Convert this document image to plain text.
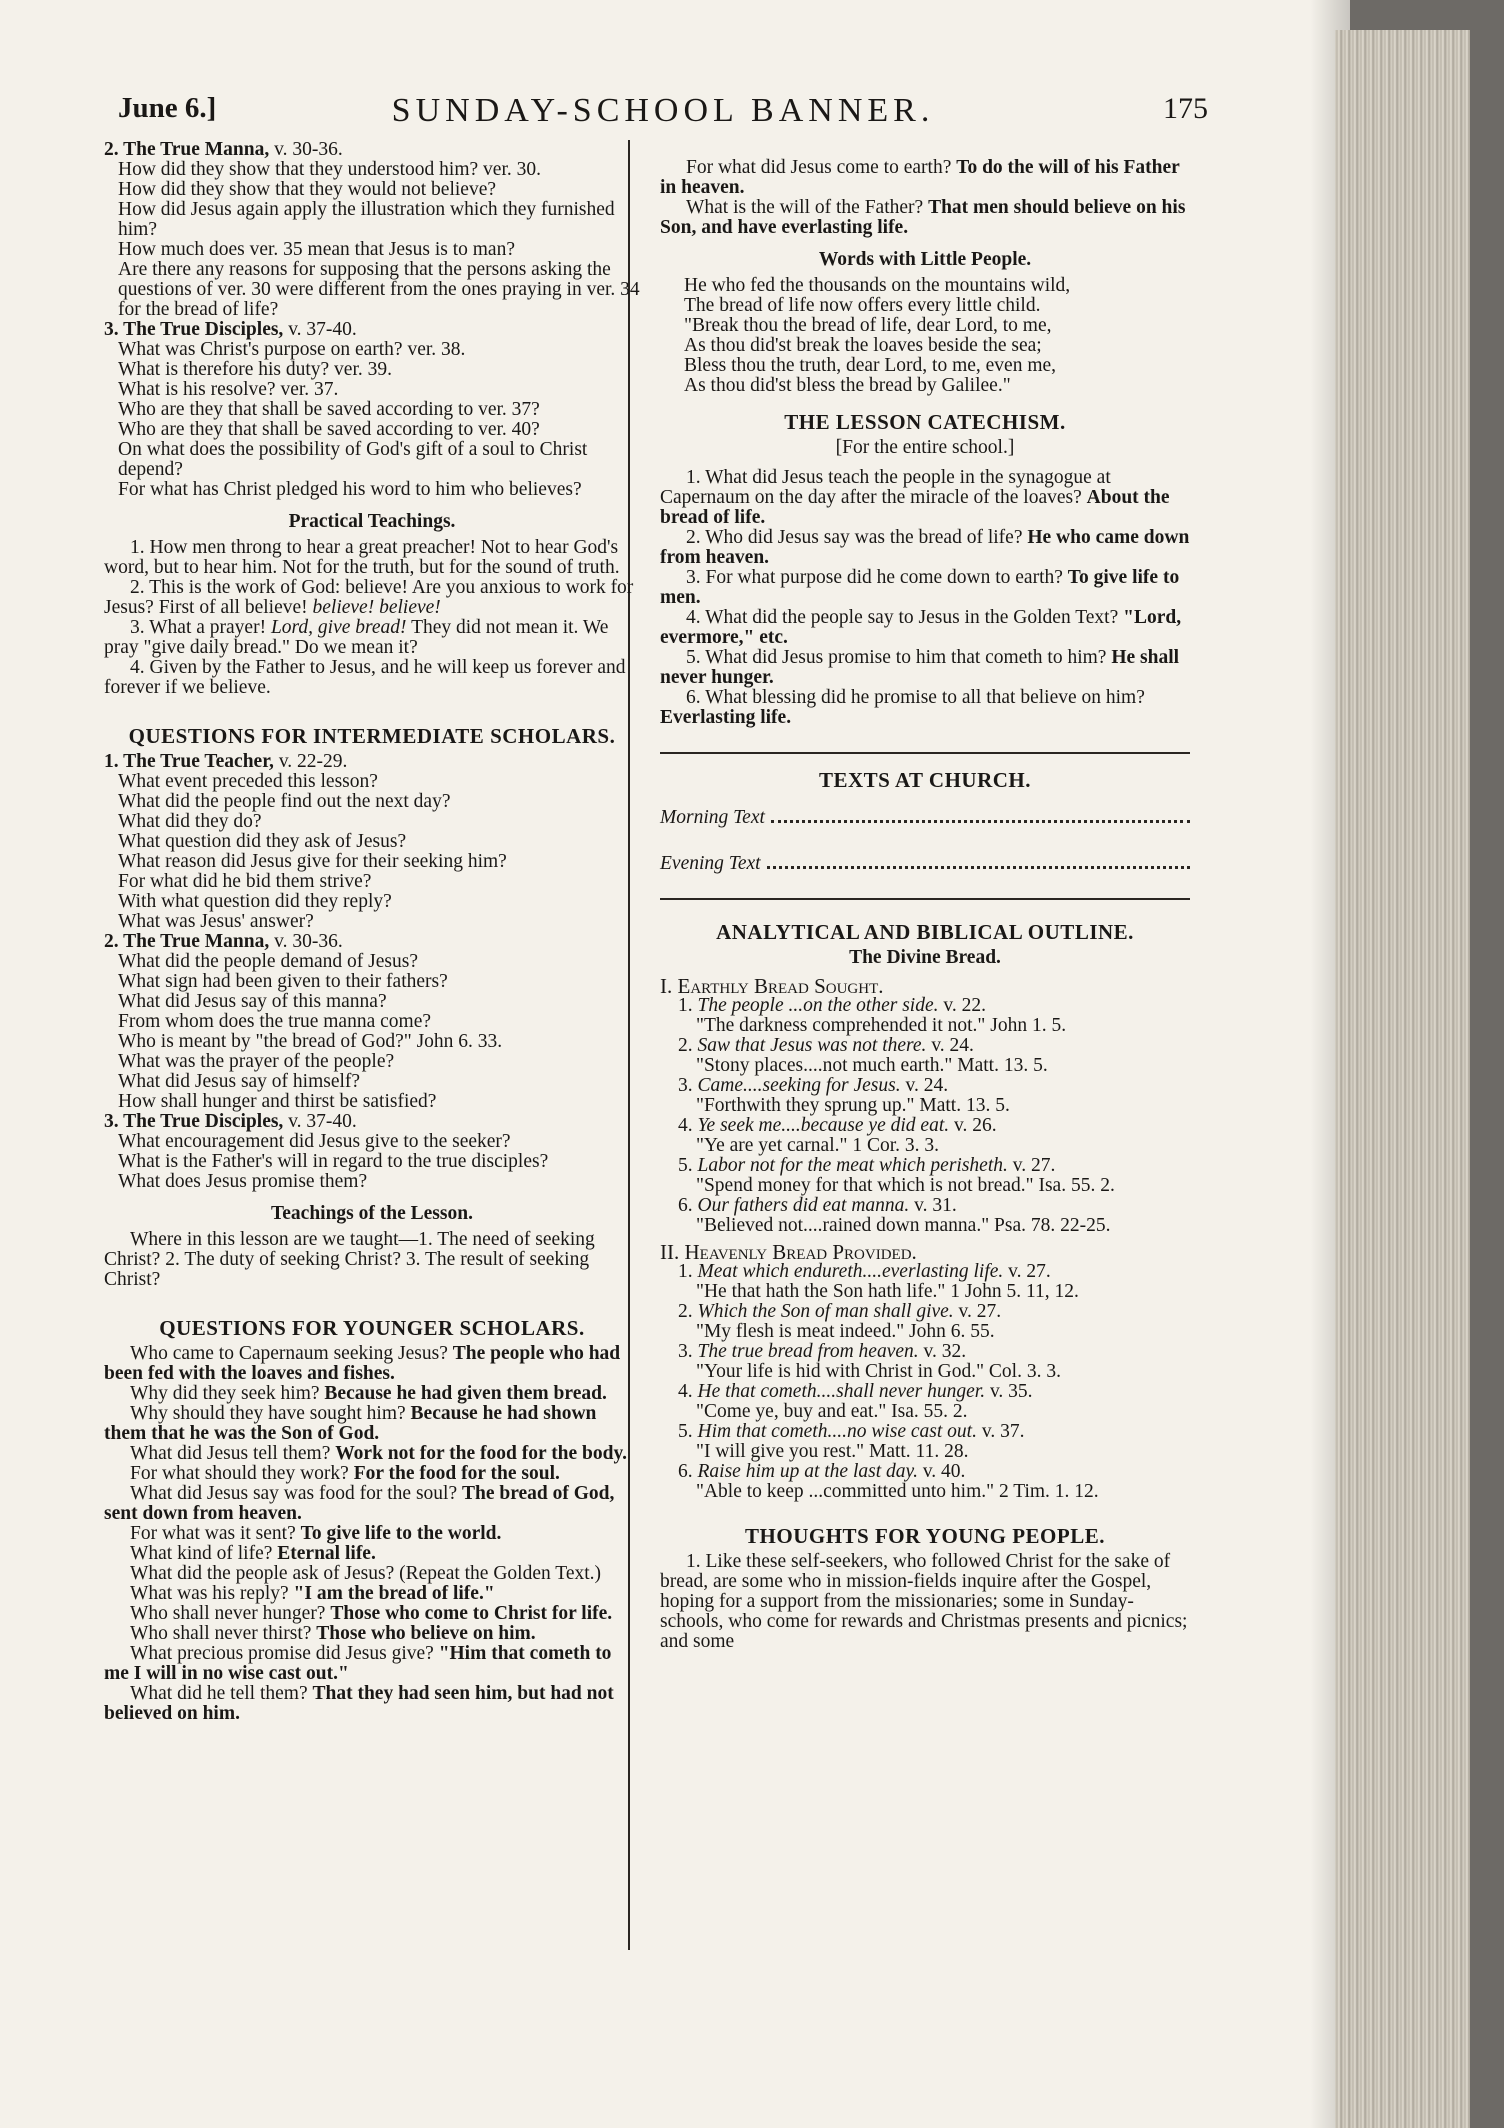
June 6.]	SUNDAY-SCHOOL BANNER.	175

2. The True Manna, v. 30-36.

How did they show that they understood him? ver. 30.

How did they show that they would not believe?

How did Jesus again apply the illustration which they furnished him?

How much does ver. 35 mean that Jesus is to man?

Are there any reasons for supposing that the persons asking the questions of ver. 30 were different from the ones praying in ver. 34 for the bread of life?

3. The True Disciples, v. 37-40.

What was Christ's purpose on earth? ver. 38.

What is therefore his duty? ver. 39.

What is his resolve? ver. 37.

Who are they that shall be saved according to ver. 37?

Who are they that shall be saved according to ver. 40?

On what does the possibility of God's gift of a soul to Christ depend?

For what has Christ pledged his word to him who believes?

Practical Teachings.

1. How men throng to hear a great preacher! Not to hear God's word, but to hear him. Not for the truth, but for the sound of truth.

2. This is the work of God: believe! Are you anxious to work for Jesus? First of all believe! believe! believe!

3. What a prayer! Lord, give bread! They did not mean it. We pray "give daily bread." Do we mean it?

4. Given by the Father to Jesus, and he will keep us forever and forever if we believe.

QUESTIONS FOR INTERMEDIATE SCHOLARS.

1. The True Teacher, v. 22-29.

What event preceded this lesson?

What did the people find out the next day?

What did they do?

What question did they ask of Jesus?

What reason did Jesus give for their seeking him?

For what did he bid them strive?

With what question did they reply?

What was Jesus' answer?

2. The True Manna, v. 30-36.

What did the people demand of Jesus?

What sign had been given to their fathers?

What did Jesus say of this manna?

From whom does the true manna come?

Who is meant by "the bread of God?" John 6. 33.

What was the prayer of the people?

What did Jesus say of himself?

How shall hunger and thirst be satisfied?

3. The True Disciples, v. 37-40.

What encouragement did Jesus give to the seeker?

What is the Father's will in regard to the true disciples?

What does Jesus promise them?

Teachings of the Lesson.

Where in this lesson are we taught—1. The need of seeking Christ? 2. The duty of seeking Christ? 3. The result of seeking Christ?

QUESTIONS FOR YOUNGER SCHOLARS.

Who came to Capernaum seeking Jesus? The people who had been fed with the loaves and fishes.

Why did they seek him? Because he had given them bread.

Why should they have sought him? Because he had shown them that he was the Son of God.

What did Jesus tell them? Work not for the food for the body.

For what should they work? For the food for the soul.

What did Jesus say was food for the soul? The bread of God, sent down from heaven.

For what was it sent? To give life to the world.

What kind of life? Eternal life.

What did the people ask of Jesus? (Repeat the Golden Text.)

What was his reply? "I am the bread of life."

Who shall never hunger? Those who come to Christ for life.

Who shall never thirst? Those who believe on him.

What precious promise did Jesus give? "Him that cometh to me I will in no wise cast out."

What did he tell them? That they had seen him, but had not believed on him.

For what did Jesus come to earth? To do the will of his Father in heaven.

What is the will of the Father? That men should believe on his Son, and have everlasting life.

Words with Little People.

He who fed the thousands on the mountains wild,

The bread of life now offers every little child.

"Break thou the bread of life, dear Lord, to me,

As thou did'st break the loaves beside the sea;

Bless thou the truth, dear Lord, to me, even me,

As thou did'st bless the bread by Galilee."

THE LESSON CATECHISM.

[For the entire school.]

1. What did Jesus teach the people in the synagogue at Capernaum on the day after the miracle of the loaves? About the bread of life.

2. Who did Jesus say was the bread of life? He who came down from heaven.

3. For what purpose did he come down to earth? To give life to men.

4. What did the people say to Jesus in the Golden Text? "Lord, evermore," etc.

5. What did Jesus promise to him that cometh to him? He shall never hunger.

6. What blessing did he promise to all that believe on him? Everlasting life.

TEXTS AT CHURCH.
Morning Text
Evening Text
ANALYTICAL AND BIBLICAL OUTLINE.
The Divine Bread.

I. Earthly Bread Sought.

1. The people ...on the other side. v. 22.

"The darkness comprehended it not." John 1. 5.

2. Saw that Jesus was not there. v. 24.

"Stony places....not much earth." Matt. 13. 5.

3. Came....seeking for Jesus. v. 24.

"Forthwith they sprung up." Matt. 13. 5.

4. Ye seek me....because ye did eat. v. 26.

"Ye are yet carnal." 1 Cor. 3. 3.

5. Labor not for the meat which perisheth. v. 27.

"Spend money for that which is not bread." Isa. 55. 2.

6. Our fathers did eat manna. v. 31.

"Believed not....rained down manna." Psa. 78. 22-25.

II. Heavenly Bread Provided.

1. Meat which endureth....everlasting life. v. 27.

"He that hath the Son hath life." 1 John 5. 11, 12.

2. Which the Son of man shall give. v. 27.

"My flesh is meat indeed." John 6. 55.

3. The true bread from heaven. v. 32.

"Your life is hid with Christ in God." Col. 3. 3.

4. He that cometh....shall never hunger. v. 35.

"Come ye, buy and eat." Isa. 55. 2.

5. Him that cometh....no wise cast out. v. 37.

"I will give you rest." Matt. 11. 28.

6. Raise him up at the last day. v. 40.

"Able to keep ...committed unto him." 2 Tim. 1. 12.

THOUGHTS FOR YOUNG PEOPLE.

1. Like these self-seekers, who followed Christ for the sake of bread, are some who in mission-fields inquire after the Gospel, hoping for a support from the missionaries; some in Sunday-schools, who come for rewards and Christmas presents and picnics; and some
